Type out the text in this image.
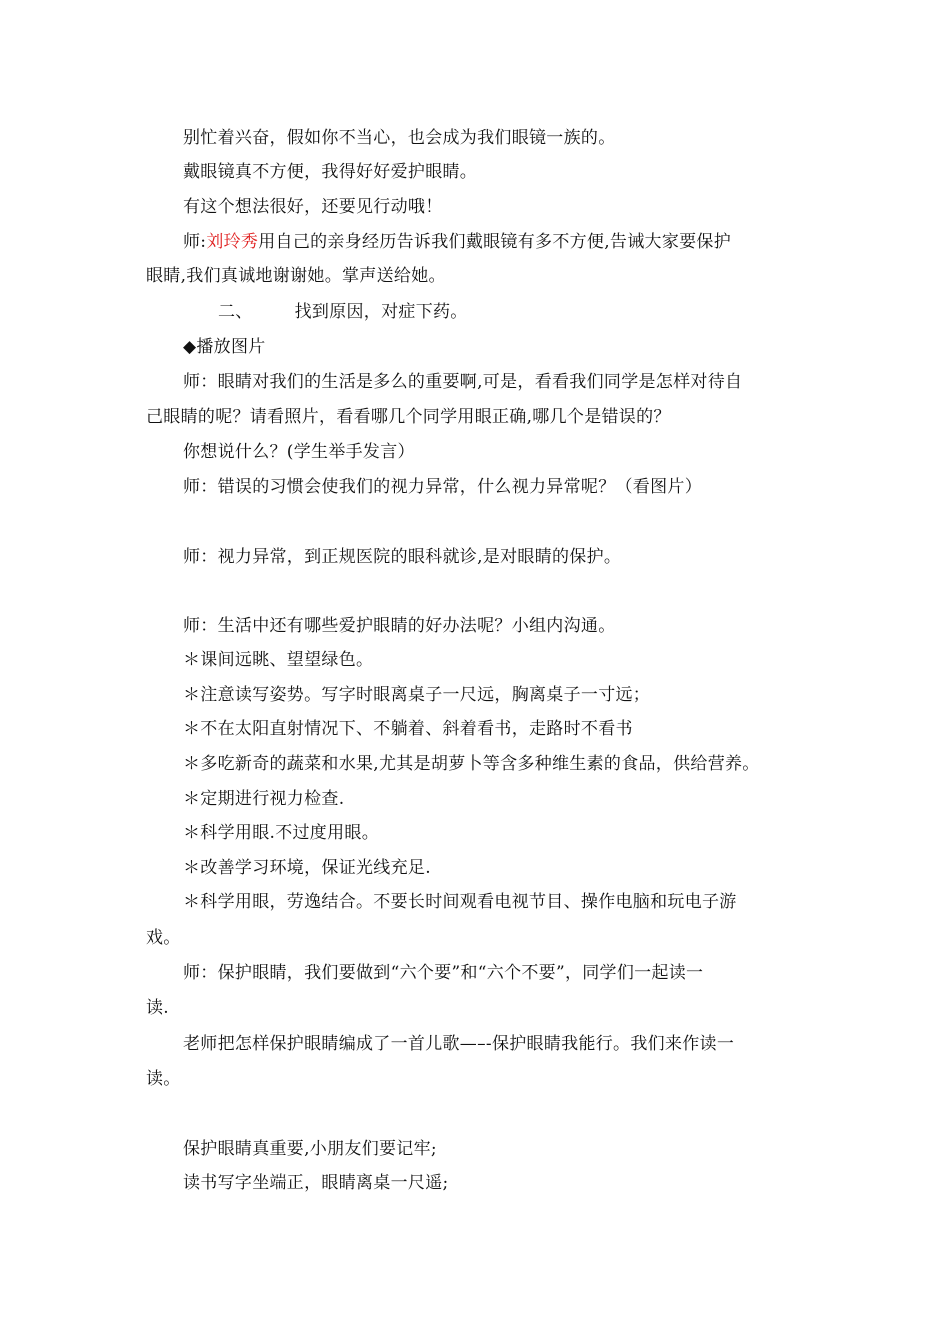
别忙着兴奋，假如你不当心，也会成为我们眼镜一族的。
戴眼镜真不方便，我得好好爱护眼睛。
有这个想法很好，还要见行动哦！
师:刘玲秀用自己的亲身经历告诉我们戴眼镜有多不方便,告诫大家要保护
眼睛,我们真诚地谢谢她。掌声送给她。
二、 找到原因，对症下药。
◆播放图片
师：眼睛对我们的生活是多么的重要啊,可是，看看我们同学是怎样对待自
己眼睛的呢？请看照片，看看哪几个同学用眼正确,哪几个是错误的？
你想说什么？(学生举手发言）
师：错误的习惯会使我们的视力异常，什么视力异常呢？（看图片）
师：视力异常，到正规医院的眼科就诊,是对眼睛的保护。
师：生活中还有哪些爱护眼睛的好办法呢？小组内沟通。
＊课间远眺、望望绿色。
＊注意读写姿势。写字时眼离桌子一尺远，胸离桌子一寸远；
＊不在太阳直射情况下、不躺着、斜着看书，走路时不看书
＊多吃新奇的蔬菜和水果,尤其是胡萝卜等含多种维生素的食品，供给营养。
＊定期进行视力检查.
＊科学用眼.不过度用眼。
＊改善学习环境，保证光线充足.
＊科学用眼，劳逸结合。不要长时间观看电视节目、操作电脑和玩电子游
戏。
师：保护眼睛，我们要做到“六个要”和“六个不要”，同学们一起读一
读.
老师把怎样保护眼睛编成了一首儿歌—–-保护眼睛我能行。我们来作读一
读。
保护眼睛真重要,小朋友们要记牢;
读书写字坐端正，眼睛离桌一尺遥;
